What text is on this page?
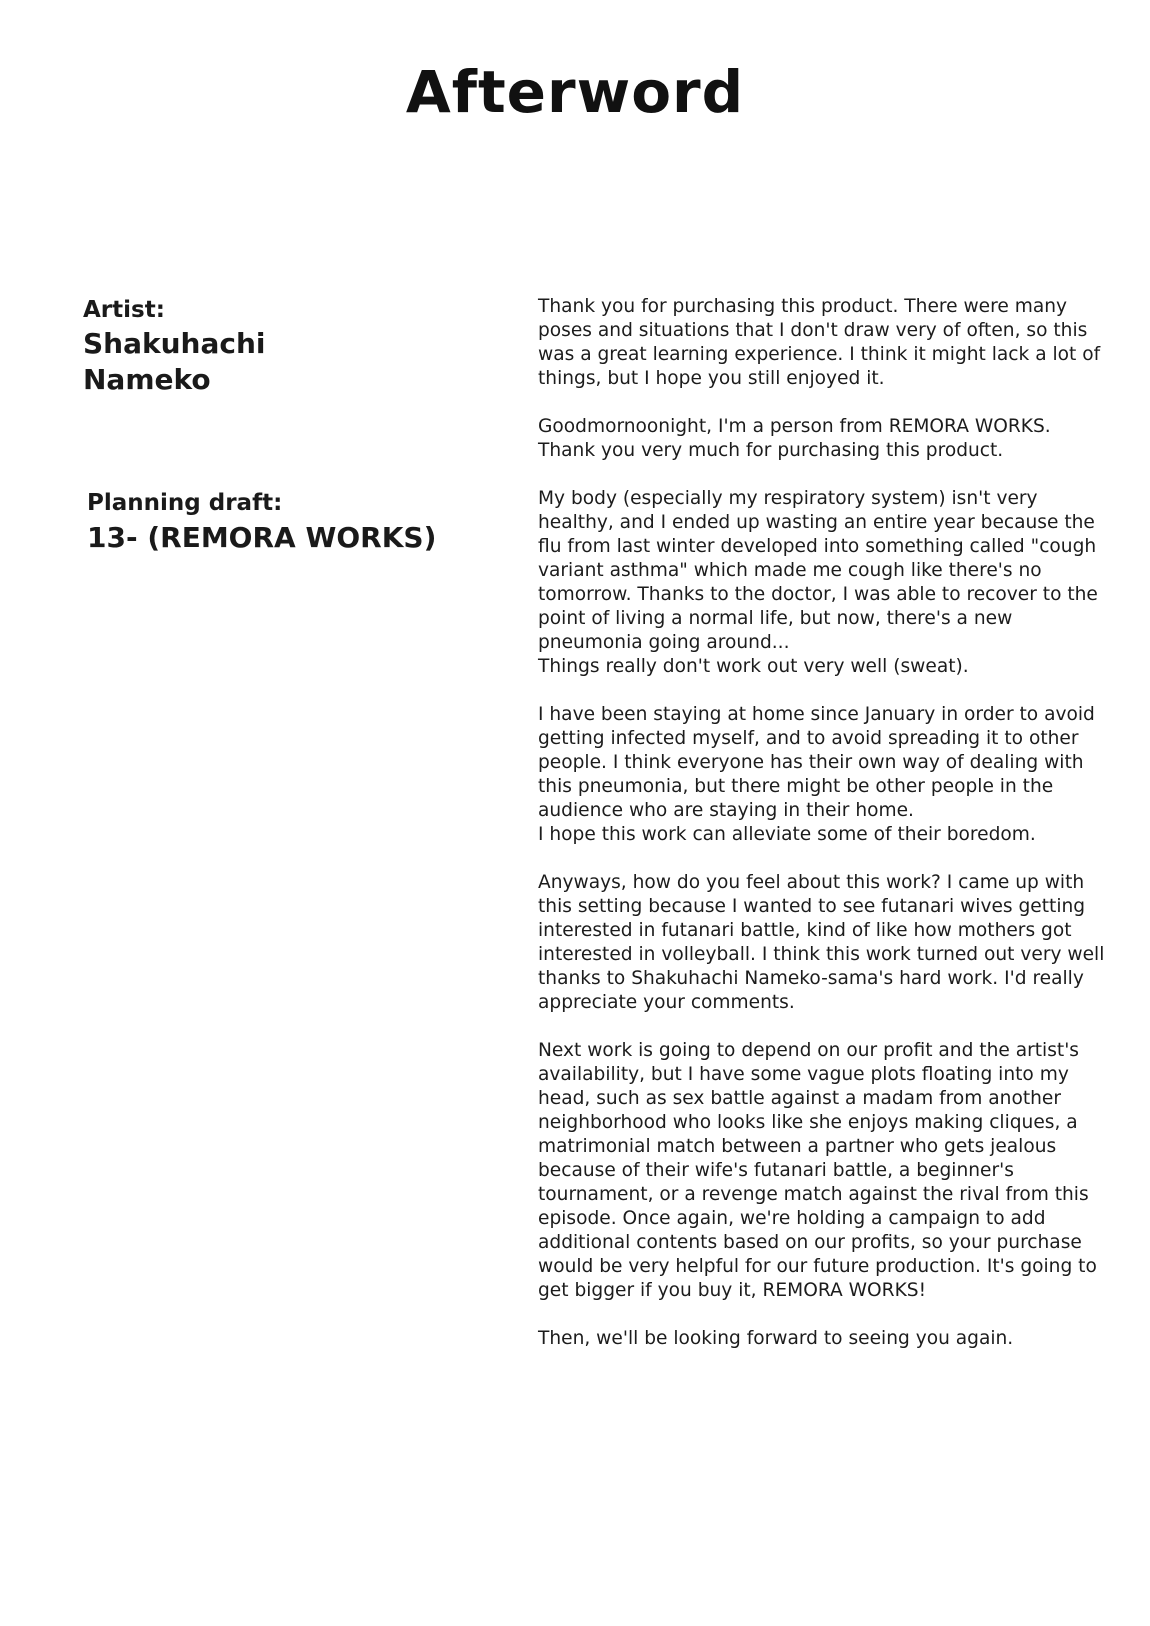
Afterword
Artist:
Shakuhachi Nameko
Planning draft:
13- (REMORA WORKS)

Thank you for purchasing this product. There were many poses and situations that I don't draw very of often, so this was a great learning experience. I think it might lack a lot of things, but I hope you still enjoyed it.

Goodmornoonight, I'm a person from REMORA WORKS.
Thank you very much for purchasing this product.

My body (especially my respiratory system) isn't very healthy, and I ended up wasting an entire year because the flu from last winter developed into something called "cough variant asthma" which made me cough like there's no tomorrow. Thanks to the doctor, I was able to recover to the point of living a normal life, but now, there's a new pneumonia going around...
Things really don't work out very well (sweat).

I have been staying at home since January in order to avoid getting infected myself, and to avoid spreading it to other people. I think everyone has their own way of dealing with this pneumonia, but there might be other people in the audience who are staying in their home.
I hope this work can alleviate some of their boredom.

Anyways, how do you feel about this work? I came up with this setting because I wanted to see futanari wives getting interested in futanari battle, kind of like how mothers got interested in volleyball. I think this work turned out very well thanks to Shakuhachi Nameko-sama's hard work. I'd really appreciate your comments.

Next work is going to depend on our profit and the artist's availability, but I have some vague plots floating into my head, such as sex battle against a madam from another neighborhood who looks like she enjoys making cliques, a matrimonial match between a partner who gets jealous because of their wife's futanari battle, a beginner's tournament, or a revenge match against the rival from this episode. Once again, we're holding a campaign to add additional contents based on our profits, so your purchase would be very helpful for our future production. It's going to get bigger if you buy it, REMORA WORKS!

Then, we'll be looking forward to seeing you again.
